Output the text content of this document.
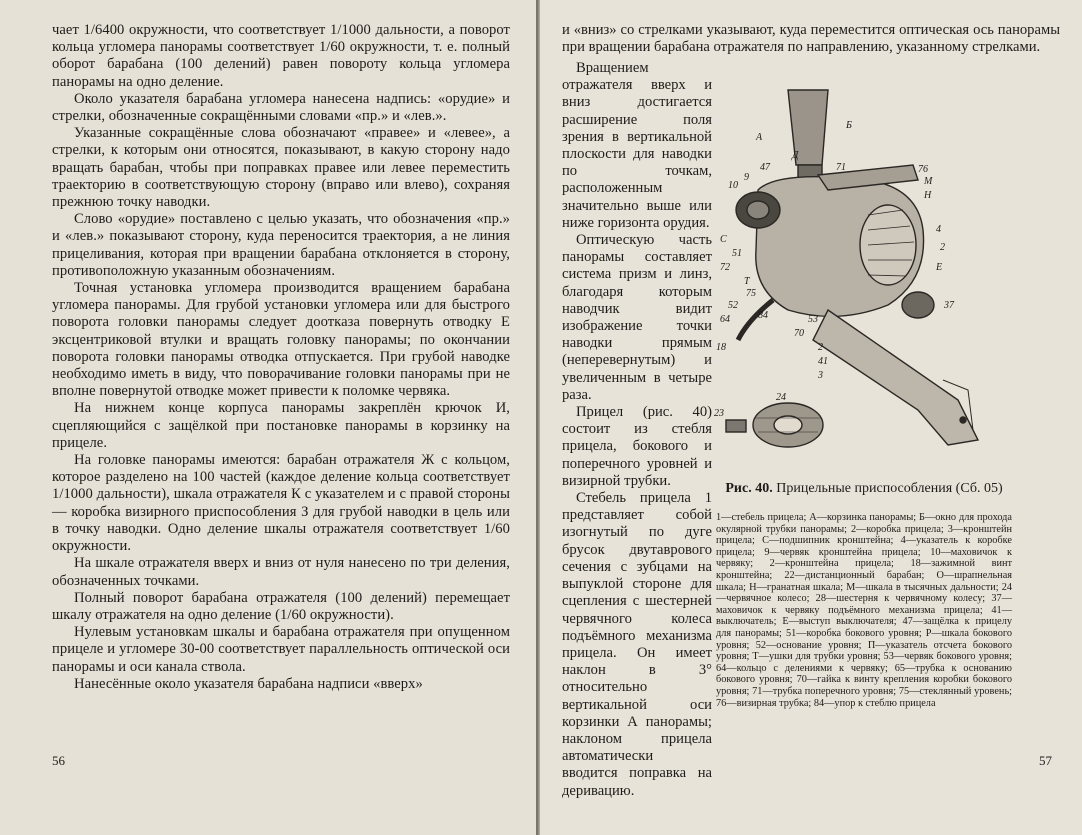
чает 1/6400 окружности, что соответствует 1/1000 дальности, а поворот кольца угломера панорамы соответствует 1/60 окружности, т. е. полный оборот барабана (100 делений) равен повороту кольца угломера панорамы на одно деление.

Около указателя барабана угломера нанесена надпись: «орудие» и стрелки, обозначенные сокращёнными словами «пр.» и «лев.».

Указанные сокращённые слова обозначают «правее» и «левее», а стрелки, к которым они относятся, показывают, в какую сторону надо вращать барабан, чтобы при поправках правее или левее переместить траекторию в соответствующую сторону (вправо или влево), сохраняя прежнюю точку наводки.

Слово «орудие» поставлено с целью указать, что обозначения «пр.» и «лев.» показывают сторону, куда переносится траектория, а не линия прицеливания, которая при вращении барабана отклоняется в сторону, противоположную указанным обозначениям.

Точная установка угломера производится вращением барабана угломера панорамы. Для грубой установки угломера или для быстрого поворота головки панорамы следует доотказа повернуть отводку Е эксцентриковой втулки и вращать головку панорамы; по окончании поворота головки панорамы отводка отпускается. При грубой наводке необходимо иметь в виду, что поворачивание головки панорамы при не вполне повернутой отводке может привести к поломке червяка.

На нижнем конце корпуса панорамы закреплён крючок И, сцепляющийся с защёлкой при постановке панорамы в корзинку на прицеле.

На головке панорамы имеются: барабан отражателя Ж с кольцом, которое разделено на 100 частей (каждое деление кольца соответствует 1/1000 дальности), шкала отражателя К с указателем и с правой стороны — коробка визирного приспособления З для грубой наводки в цель или в точку наводки. Одно деление шкалы отражателя соответствует 1/60 окружности.

На шкале отражателя вверх и вниз от нуля нанесено по три деления, обозначенных точками.

Полный поворот барабана отражателя (100 делений) перемещает шкалу отражателя на одно деление (1/60 окружности).

Нулевым установкам шкалы и барабана отражателя при опущенном прицеле и угломере 30-00 соответствует параллельность оптической оси панорамы и оси канала ствола.

Нанесённые около указателя барабана надписи «вверх»

56

и «вниз» со стрелками указывают, куда переместится оптическая ось панорамы при вращении барабана отражателя по направлению, указанному стрелками.

Вращением отражателя вверх и вниз достигается расширение поля зрения в вертикальной плоскости для наводки по точкам, расположенным значительно выше или ниже горизонта орудия.

Оптическую часть панорамы составляет система призм и линз, благодаря которым наводчик видит изображение точки наводки прямым (неперевернутым) и увеличенным в четыре раза.

Прицел (рис. 40) состоит из стебля прицела, бокового и поперечного уровней и визирной трубки.

Стебель прицела 1 представляет собой изогнутый по дуге брусок двутаврового сечения с зубцами на выпуклой стороне для сцепления с шестерней червячного колеса подъёмного механизма прицела. Он имеет наклон в 3° относительно вертикальной оси корзинки А панорамы; наклоном прицела автоматически вводится поправка на деривацию.

А
Б
Д
47	71	76
М
Н
10
9
С
4
2
72	Е
51
37
Т
75
52
64	84	53
70
18	2
41
3
24
23
Рис. 40. Прицельные приспособления (Сб. 05)
1—стебель прицела; А—корзинка панорамы; Б—окно для прохода окулярной трубки панорамы; 2—коробка прицела; 3—кронштейн прицела; С—подшипник кронштейна; 4—указатель к коробке прицела; 9—червяк кронштейна прицела; 10—маховичок к червяку; 2—кронштейна прицела; 18—зажимной винт кронштейна; 22—дистанционный барабан; О—шрапнельная шкала; Н—гранатная шкала; М—шкала в тысячных дальности; 24—червячное колесо; 28—шестерня к червячному колесу; 37—маховичок к червяку подъёмного механизма прицела; 41—выключатель; Е—выступ выключателя; 47—защёлка к прицелу для панорамы; 51—коробка бокового уровня; Р—шкала бокового уровня; 52—основание уровня; П—указатель отсчета бокового уровня; Т—ушки для трубки уровня; 53—червяк бокового уровня; 64—кольцо с делениями к червяку; 65—трубка к основанию бокового уровня; 70—гайка к винту крепления коробки бокового уровня; 71—трубка поперечного уровня; 75—стеклянный уровень; 76—визирная трубка; 84—упор к стеблю прицела
57
